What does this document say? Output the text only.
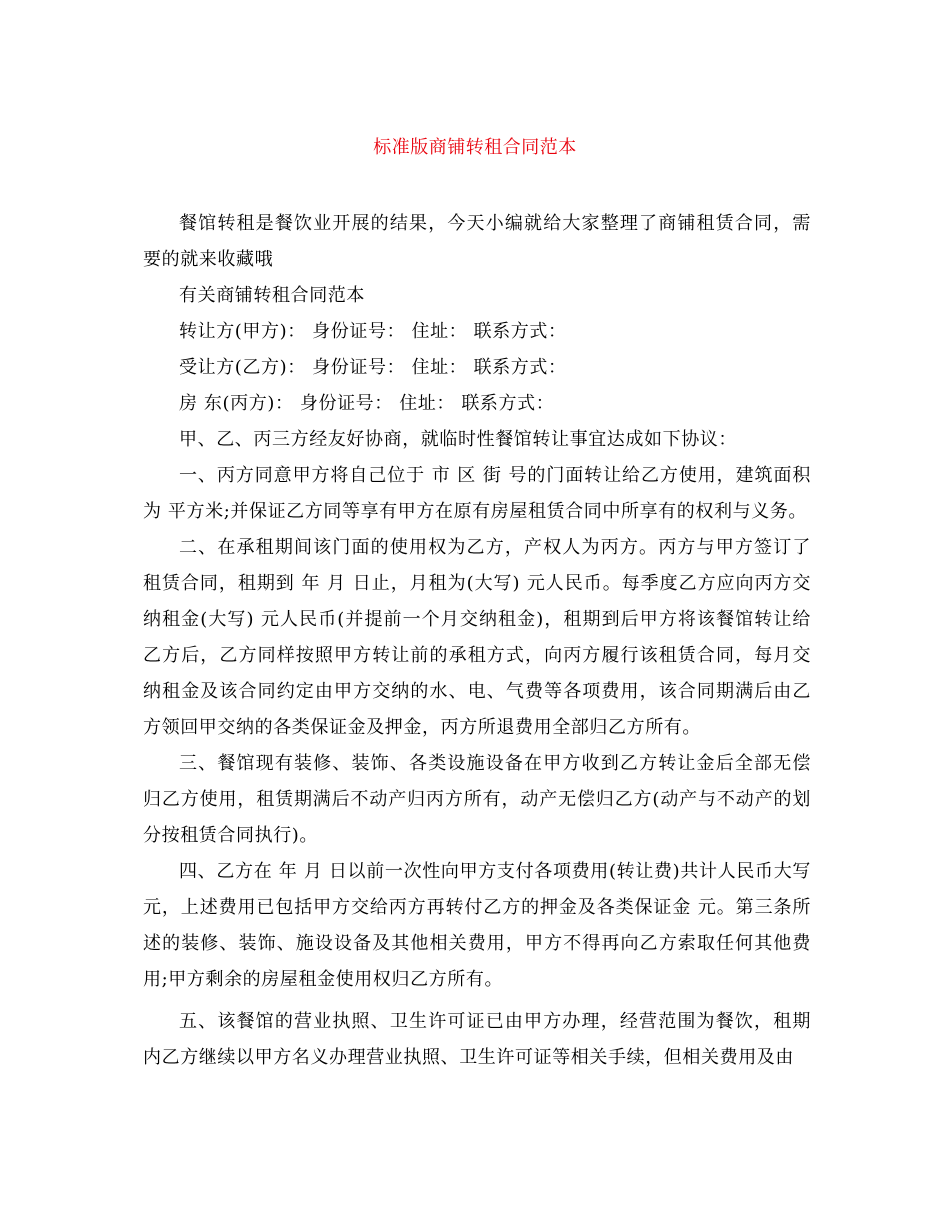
标准版商铺转租合同范本

餐馆转租是餐饮业开展的结果，今天小编就给大家整理了商铺租赁合同，需要的就来收藏哦

有关商铺转租合同范本

转让方(甲方)： 身份证号： 住址： 联系方式：

受让方(乙方)： 身份证号： 住址： 联系方式：

房 东(丙方)： 身份证号： 住址： 联系方式：

甲、乙、丙三方经友好协商，就临时性餐馆转让事宜达成如下协议：

一、丙方同意甲方将自己位于 市 区 街 号的门面转让给乙方使用，建筑面积为 平方米;并保证乙方同等享有甲方在原有房屋租赁合同中所享有的权利与义务。

二、在承租期间该门面的使用权为乙方，产权人为丙方。丙方与甲方签订了租赁合同，租期到 年 月 日止，月租为(大写) 元人民币。每季度乙方应向丙方交纳租金(大写) 元人民币(并提前一个月交纳租金)，租期到后甲方将该餐馆转让给乙方后，乙方同样按照甲方转让前的承租方式，向丙方履行该租赁合同，每月交纳租金及该合同约定由甲方交纳的水、电、气费等各项费用，该合同期满后由乙方领回甲交纳的各类保证金及押金，丙方所退费用全部归乙方所有。

三、餐馆现有装修、装饰、各类设施设备在甲方收到乙方转让金后全部无偿归乙方使用，租赁期满后不动产归丙方所有，动产无偿归乙方(动产与不动产的划分按租赁合同执行)。

四、乙方在 年 月 日以前一次性向甲方支付各项费用(转让费)共计人民币大写 元，上述费用已包括甲方交给丙方再转付乙方的押金及各类保证金 元。第三条所述的装修、装饰、施设设备及其他相关费用，甲方不得再向乙方索取任何其他费用;甲方剩余的房屋租金使用权归乙方所有。

五、该餐馆的营业执照、卫生许可证已由甲方办理，经营范围为餐饮，租期内乙方继续以甲方名义办理营业执照、卫生许可证等相关手续，但相关费用及由
